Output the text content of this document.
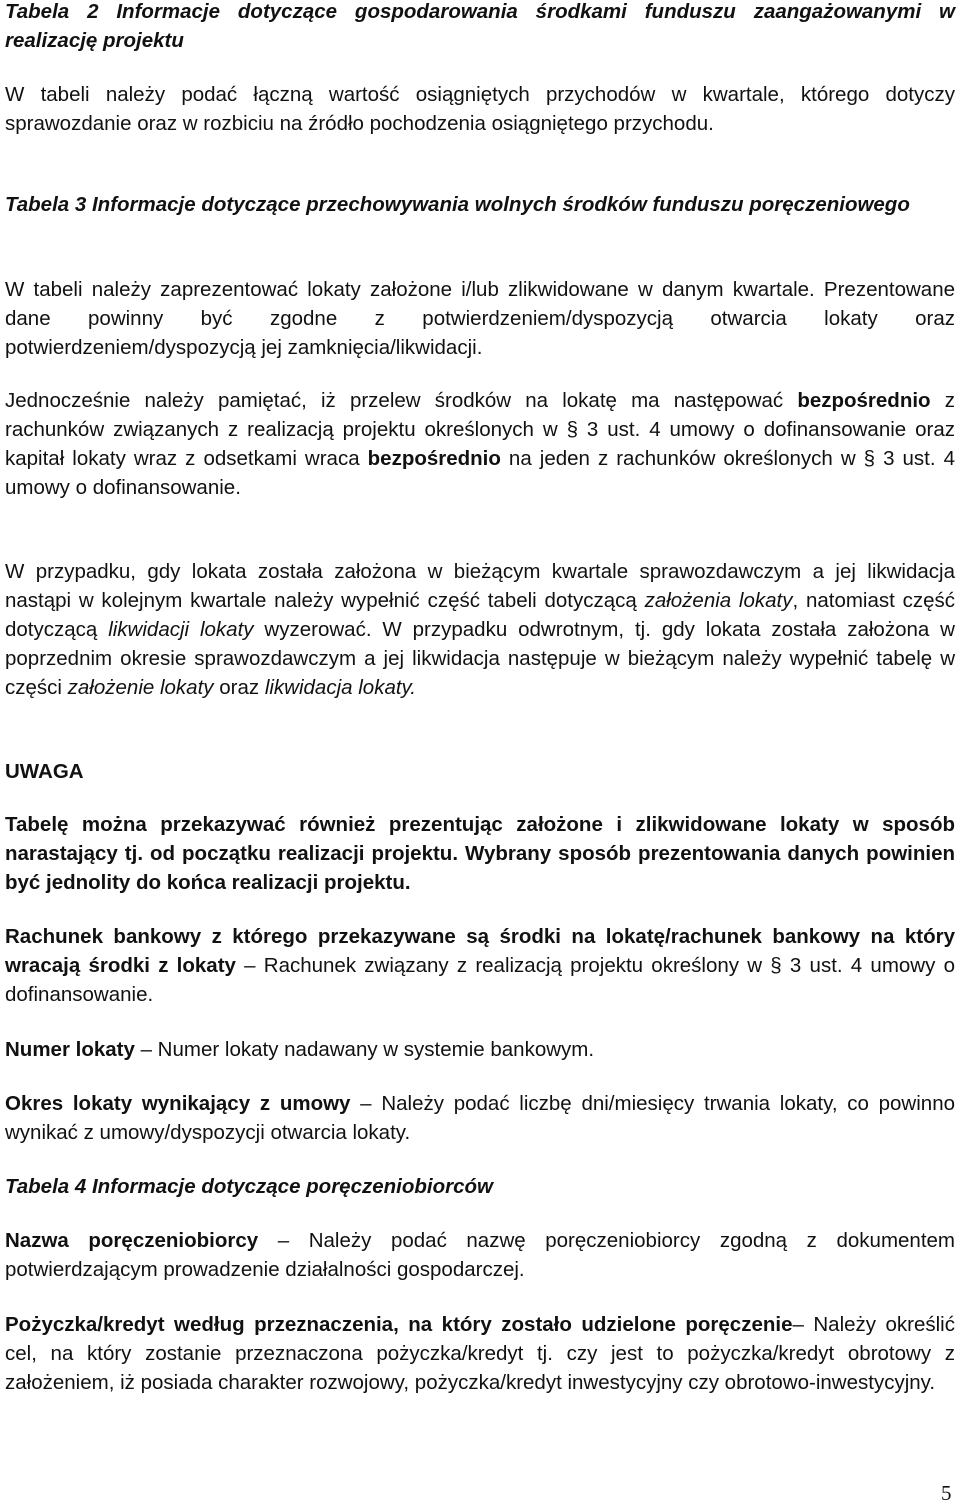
Tabela 2 Informacje dotyczące gospodarowania środkami funduszu zaangażowanymi w realizację projektu

W tabeli należy podać łączną wartość osiągniętych przychodów w kwartale, którego dotyczy sprawozdanie oraz w rozbiciu na źródło pochodzenia osiągniętego przychodu.

Tabela 3 Informacje dotyczące przechowywania wolnych środków funduszu poręczeniowego

W tabeli należy zaprezentować lokaty założone i/lub zlikwidowane w danym kwartale. Prezentowane dane powinny być zgodne z potwierdzeniem/dyspozycją otwarcia lokaty oraz potwierdzeniem/dyspozycją jej zamknięcia/likwidacji.

Jednocześnie należy pamiętać, iż przelew środków na lokatę ma następować bezpośrednio z rachunków związanych z realizacją projektu określonych w § 3 ust. 4 umowy o dofinansowanie oraz kapitał lokaty wraz z odsetkami wraca bezpośrednio na jeden z rachunków określonych w § 3 ust. 4 umowy o dofinansowanie.

W przypadku, gdy lokata została założona w bieżącym kwartale sprawozdawczym a jej likwidacja nastąpi w kolejnym kwartale należy wypełnić część tabeli dotyczącą założenia lokaty, natomiast część dotyczącą likwidacji lokaty wyzerować. W przypadku odwrotnym, tj. gdy lokata została założona w poprzednim okresie sprawozdawczym a jej likwidacja następuje w bieżącym należy wypełnić tabelę w części założenie lokaty oraz likwidacja lokaty.

UWAGA

Tabelę można przekazywać również prezentując założone i zlikwidowane lokaty w sposób narastający tj. od początku realizacji projektu. Wybrany sposób prezentowania danych powinien być jednolity do końca realizacji projektu.

Rachunek bankowy z którego przekazywane są środki na lokatę/rachunek bankowy na który wracają środki z lokaty – Rachunek związany z realizacją projektu określony w § 3 ust. 4 umowy o dofinansowanie.

Numer lokaty – Numer lokaty nadawany w systemie bankowym.

Okres lokaty wynikający z umowy – Należy podać liczbę dni/miesięcy trwania lokaty, co powinno wynikać z umowy/dyspozycji otwarcia lokaty.

Tabela 4 Informacje dotyczące poręczeniobiorców

Nazwa poręczeniobiorcy – Należy podać nazwę poręczeniobiorcy zgodną z dokumentem potwierdzającym prowadzenie działalności gospodarczej.

Pożyczka/kredyt według przeznaczenia, na który zostało udzielone poręczenie– Należy określić cel, na który zostanie przeznaczona pożyczka/kredyt tj. czy jest to pożyczka/kredyt obrotowy z założeniem, iż posiada charakter rozwojowy, pożyczka/kredyt inwestycyjny czy obrotowo-inwestycyjny.

5
